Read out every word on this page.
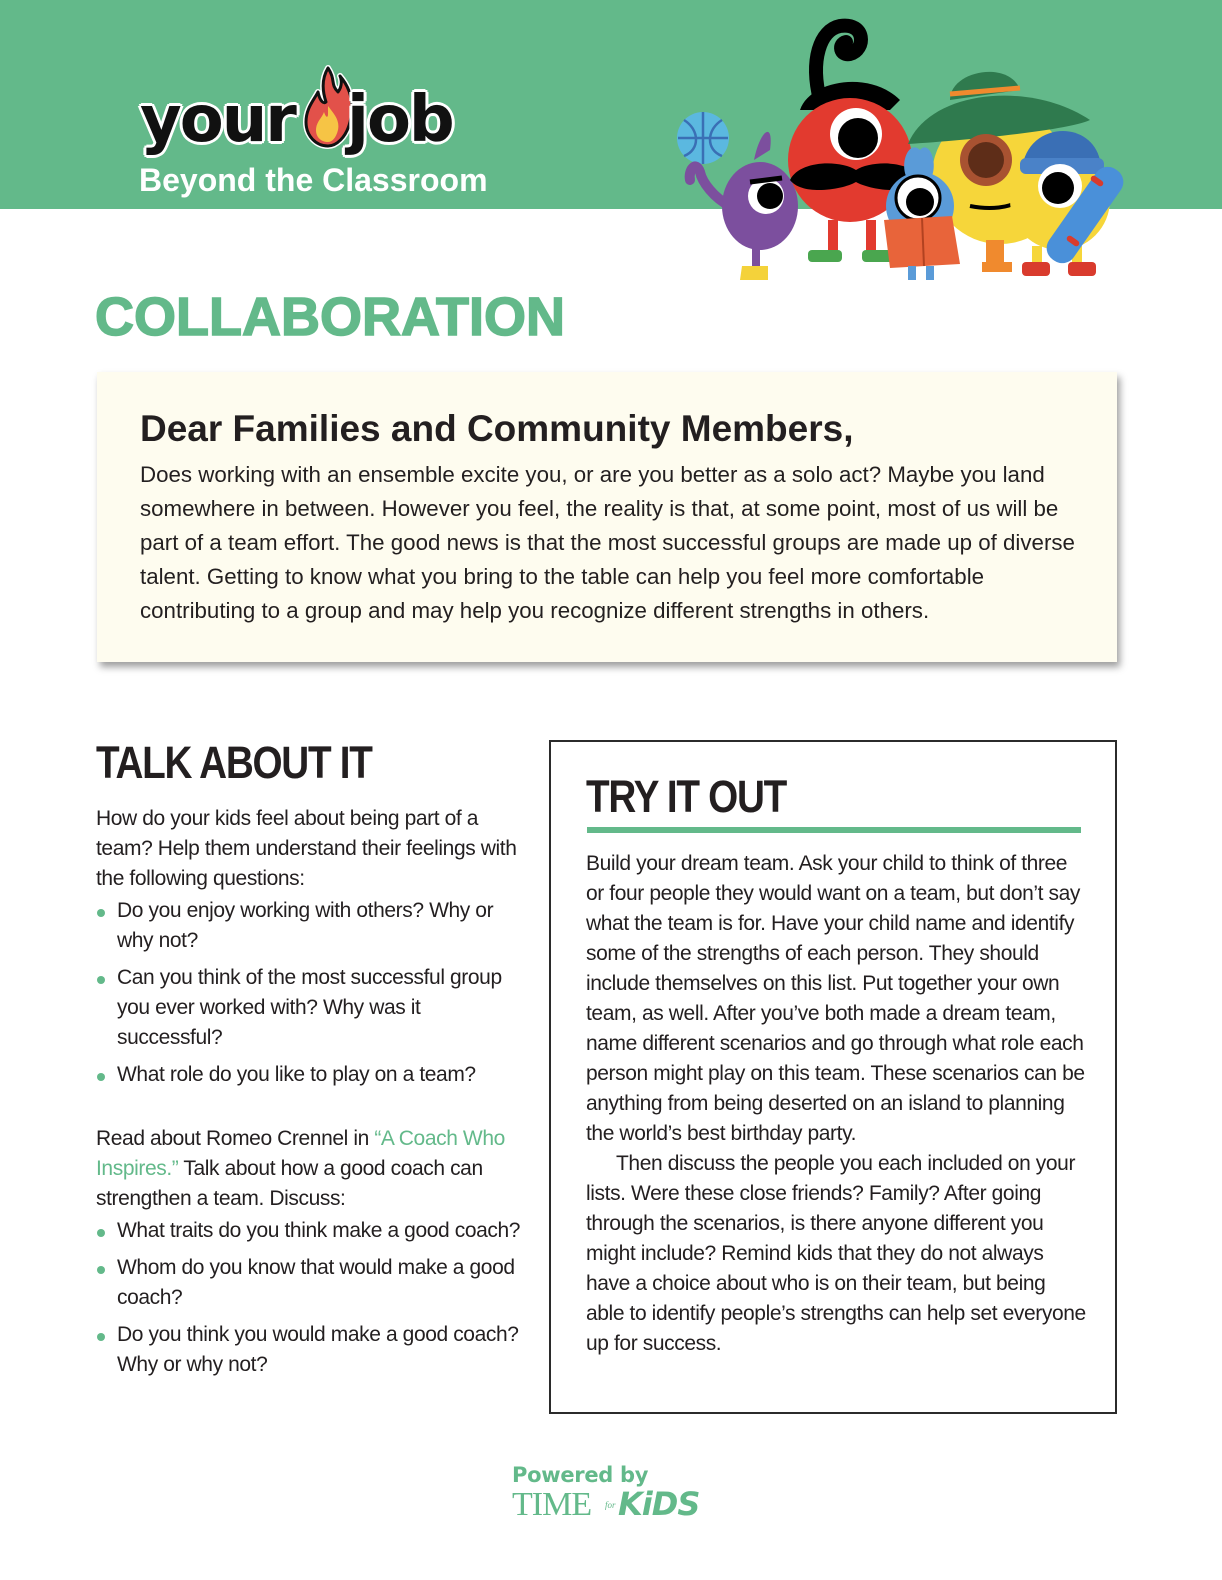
your job
Beyond the Classroom
COLLABORATION
Dear Families and Community Members,
Does working with an ensemble excite you, or are you better as a solo act? Maybe you land somewhere in between. However you feel, the reality is that, at some point, most of us will be part of a team effort. The good news is that the most successful groups are made up of diverse talent. Getting to know what you bring to the table can help you feel more comfortable contributing to a group and may help you recognize different strengths in others.
TALK ABOUT IT
How do your kids feel about being part of a team? Help them understand their feelings with the following questions:
Do you enjoy working with others? Why or why not?
Can you think of the most successful group you ever worked with? Why was it successful?
What role do you like to play on a team?
Read about Romeo Crennel in “A Coach Who Inspires.” Talk about how a good coach can strengthen a team. Discuss:
What traits do you think make a good coach?
Whom do you know that would make a good coach?
Do you think you would make a good coach? Why or why not?
TRY IT OUT

Build your dream team. Ask your child to think of three or four people they would want on a team, but don’t say what the team is for. Have your child name and identify some of the strengths of each person. They should include themselves on this list. Put together your own team, as well. After you’ve both made a dream team, name different scenarios and go through what role each person might play on this team. These scenarios can be anything from being deserted on an island to planning the world’s best birthday party.

Then discuss the people you each included on your lists. Were these close friends? Family? After going through the scenarios, is there anyone different you might include? Remind kids that they do not always have a choice about who is on their team, but being able to identify people’s strengths can help set everyone up for success.

Powered by
TIME for KiDS
